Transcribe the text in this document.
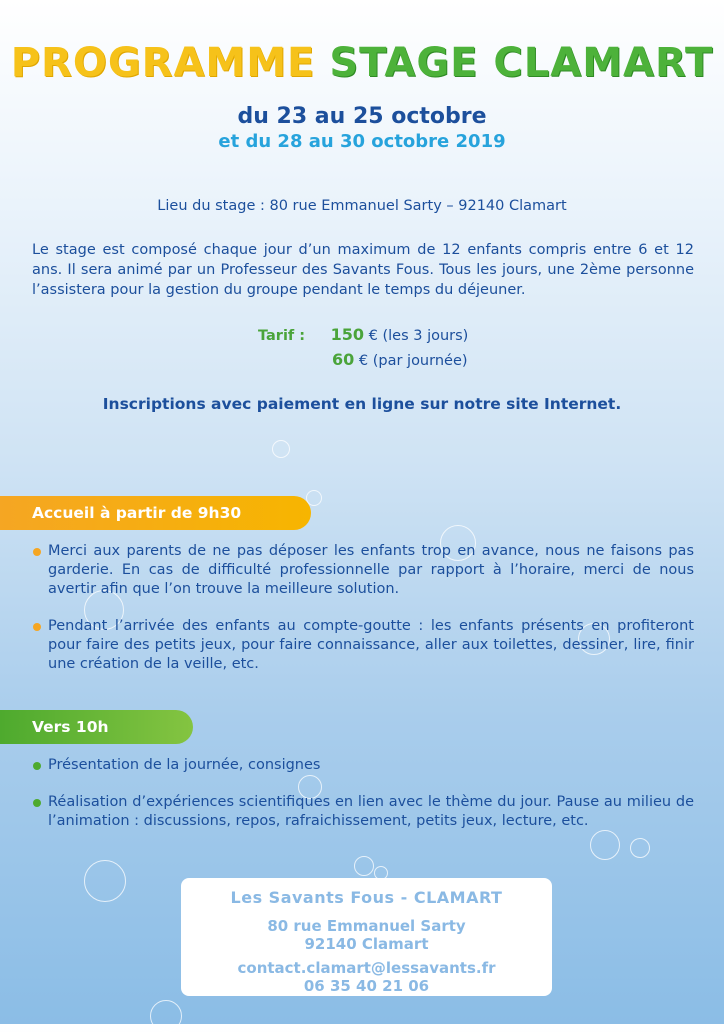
PROGRAMME STAGE CLAMART
du 23 au 25 octobre
et du 28 au 30 octobre 2019
Lieu du stage : 80 rue Emmanuel Sarty – 92140 Clamart

Le stage est composé chaque jour d’un maximum de 12 enfants compris entre 6 et 12 ans. Il sera animé par un Professeur des Savants Fous. Tous les jours, une 2ème personne l’assistera pour la gestion du groupe pendant le temps du déjeuner.

Tarif : 150 € (les 3 jours)
60 € (par journée)
Inscriptions avec paiement en ligne sur notre site Internet.
Accueil à partir de 9h30
Merci aux parents de ne pas déposer les enfants trop en avance, nous ne faisons pas garderie. En cas de difficulté professionnelle par rapport à l’horaire, merci de nous avertir afin que l’on trouve la meilleure solution.
Pendant l’arrivée des enfants au compte-goutte : les enfants présents en profiteront pour faire des petits jeux, pour faire connaissance, aller aux toilettes, dessiner, lire, finir une création de la veille, etc.
Vers 10h
Présentation de la journée, consignes
Réalisation d’expériences scientifiques en lien avec le thème du jour. Pause au milieu de l’animation : discussions, repos, rafraichissement, petits jeux, lecture, etc.
Les Savants Fous - CLAMART
80 rue Emmanuel Sarty
92140 Clamart
contact.clamart@lessavants.fr
06 35 40 21 06
